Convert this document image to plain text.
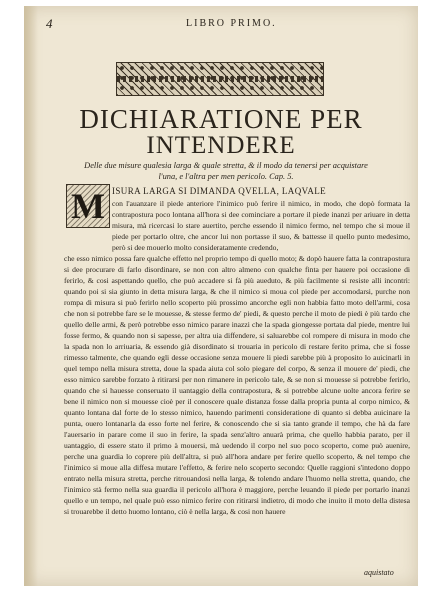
4	LIBRO PRIMO.
DICHIARATIONE PER
INTENDERE
Delle due misure qualesia larga & quale stretta, & il modo da tenersi per acquistare l'una, e l'altra per men pericolo. Cap. 5.
M ISURA LARGA SI DIMANDA QVELLA, LAQVALE
con l'auanzare il piede anteriore l'inimico può ferire il nimico, in modo, che dopò formata la contrapostura poco lontana all'hora si dee cominciare a portare il piede inanzi per ariuare in detta misura, mà ricercasi lo stare auertito, perche essendo il nimico fermo, nel tempo che si moue il piede per portarlo oltre, che ancor lui non portasse il suo, & battesse il quello punto medesimo, però si dee mouerlo molto consideratamente credendo,
che esso nimico possa fare qualche effetto nel proprio tempo di quello moto; & dopò hauere fatta la contrapostura si dee procurare di farlo disordinare, se non con altro almeno con qualche finta per hauere poi occasione di ferirlo, & cosi aspettando quello, che può accadere si fà più aueduto, & più facilmente si resiste alli incontri: quando poi si sia giunto in detta misura larga, & che il nimico si moua col piede per accomodarsi, purche non rompa di misura si può ferirlo nello scoperto più prossimo ancorche egli non habbia fatto moto dell'armi, cosa che non si potrebbe fare se le mouesse, & stesse fermo de' piedi, & questo perche il moto de piedi è più tardo che quello delle armi, & però potrebbe esso nimico parare inazzi che la spada giongesse portata dal piede, mentre lui fosse fermo, & quando non si sapesse, per altra uia diffendere, si saluarebbe col rompere di misura in modo che la spada non lo arriuaria, & essendo già disordinato si trouaria in pericolo di restare ferito prima, che si fosse rimesso talmente, che quando egli desse occasione senza mouere li piedi sarebbe più à proposito lo auicinarli in quel tempo nella misura stretta, doue la spada aiuta col solo piegare del corpo, & senza il mouere de' piedi, che esso nimico sarebbe forzato à ritirarsi per non rimanere in pericolo tale, & se non si mouesse si potrebbe ferirlo, quando che si hauesse conseruato il uantaggio della contrapostura, & si potrebbe alcune uolte ancora ferire se bene il nimico non si mouesse cioè per il conoscere quale distanza fosse dalla propria punta al corpo nimico, & quanto lontana dal forte de lo stesso nimico, hauendo parimenti consideratione di quanto si debba auicinare la punta, ouero lontanarla da esso forte nel ferire, & conoscendo che si sia tanto grande il tempo, che hà da fare l'auersario in parare come il suo in ferire, la spada senz'altro anuarà prima, che quello habbia parato, per il uantaggio, di essere stato il primo à mouersi, mà uedendo il corpo nel suo poco scoperto, come può auenire, perche una guardia lo coprere più dell'altra, si può all'hora andare per ferire quello scoperto, & nel tempo che l'inimico si moue alla diffesa mutare l'effetto, & ferire nelo scoperto secondo: Quelle raggioni s'intedono doppo entrato nella misura stretta, perche ritrouandosi nella larga, & tolendo andare l'huomo nella stretta, quando, che l'inimico stà fermo nella sua guardia il pericolo all'hora è maggiore, perche leuando il piede per portarlo inanzi quello e un tempo, nel quale può esso nimico ferire con ritirarsi indietro, di modo che inuito il moto della distesa si trouarebbe il detto huomo lontano, ciò è nella larga, & cosi non hauere
aquistato
